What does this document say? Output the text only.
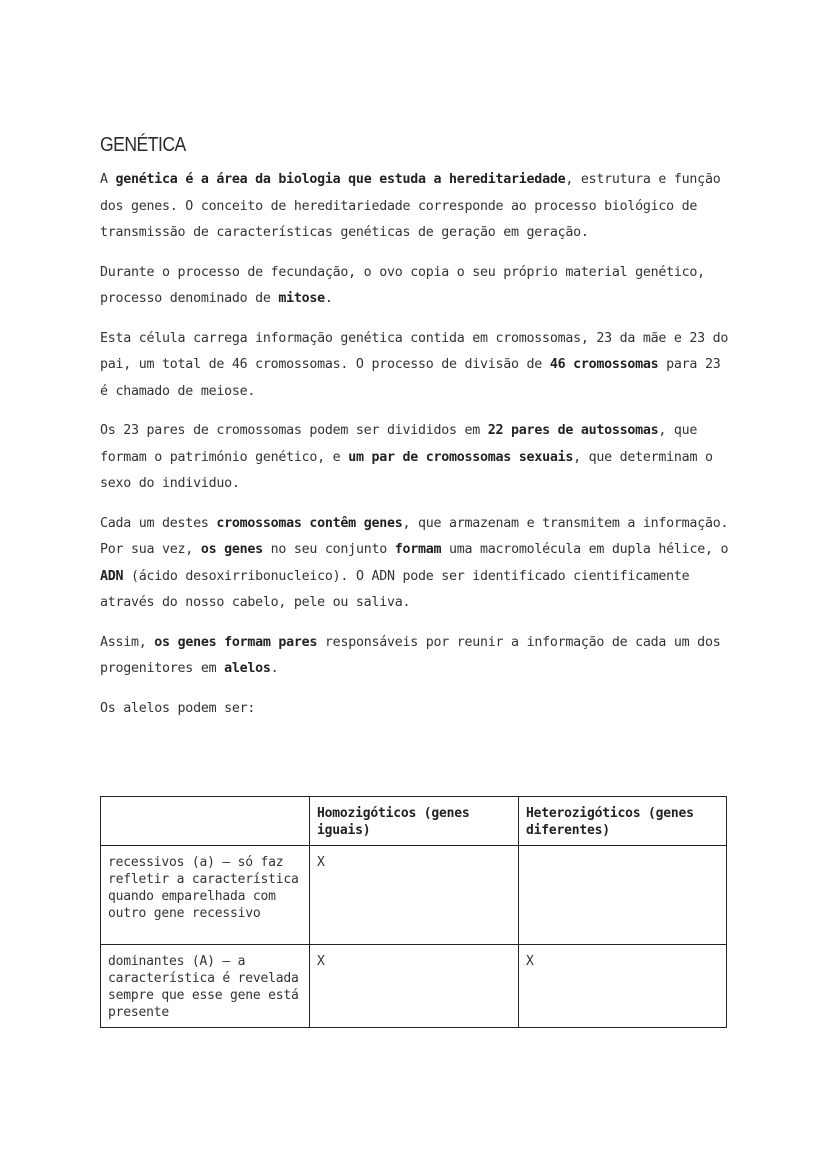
GENÉTICA

A genética é a área da biologia que estuda a hereditariedade, estrutura e função dos genes. O conceito de hereditariedade corresponde ao processo biológico de transmissão de características genéticas de geração em geração.

Durante o processo de fecundação, o ovo copia o seu próprio material genético, processo denominado de mitose.

Esta célula carrega informação genética contida em cromossomas, 23 da mãe e 23 do pai, um total de 46 cromossomas. O processo de divisão de 46 cromossomas para 23 é chamado de meiose.

Os 23 pares de cromossomas podem ser divididos em 22 pares de autossomas, que formam o património genético, e um par de cromossomas sexuais, que determinam o sexo do individuo.

Cada um destes cromossomas contêm genes, que armazenam e transmitem a informação. Por sua vez, os genes no seu conjunto formam uma macromolécula em dupla hélice, o ADN (ácido desoxirribonucleico). O ADN pode ser identificado cientificamente através do nosso cabelo, pele ou saliva.

Assim, os genes formam pares responsáveis por reunir a informação de cada um dos progenitores em alelos.

Os alelos podem ser:

	Homozigóticos (genes iguais)	Heterozigóticos (genes diferentes)
recessivos (a) – só faz refletir a característica quando emparelhada com outro gene recessivo	X	
dominantes (A) – a característica é revelada sempre que esse gene está presente	X	X
